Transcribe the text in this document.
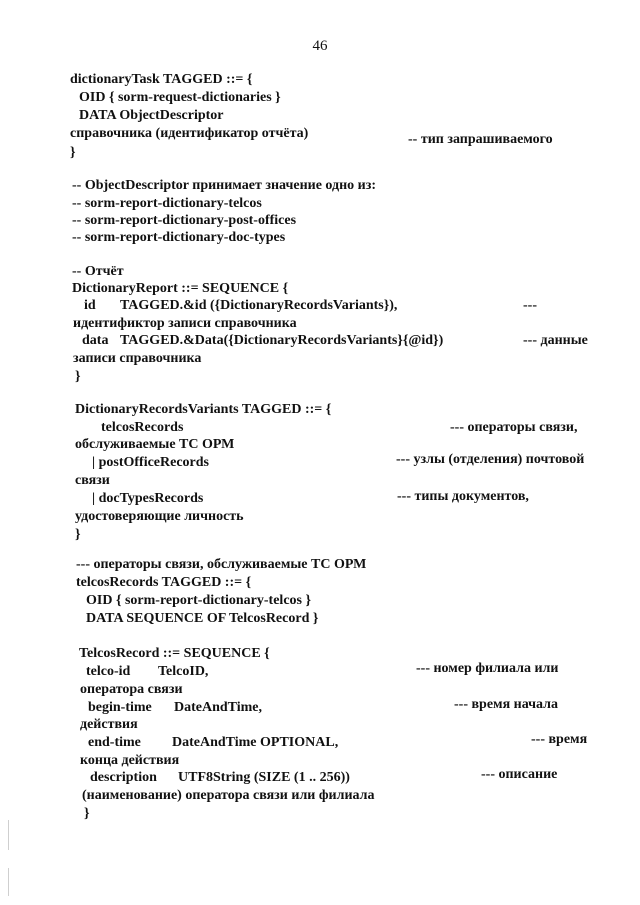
46
dictionaryTask TAGGED ::= {
OID { sorm-request-dictionaries }
DATA ObjectDescriptor
-- тип запрашиваемого
справочника (идентификатор отчёта)
}
-- ObjectDescriptor принимает значение одно из:
-- sorm-report-dictionary-telcos
-- sorm-report-dictionary-post-offices
-- sorm-report-dictionary-doc-types
-- Отчёт
DictionaryReport ::= SEQUENCE {
id TAGGED.&id ({DictionaryRecordsVariants}),	---
идентификтор записи справочника
data TAGGED.&Data({DictionaryRecordsVariants}{@id})	--- данные
записи справочника
}
DictionaryRecordsVariants TAGGED ::= {
telcosRecords	--- операторы связи,
обслуживаемые ТС ОРМ
| postOfficeRecords	--- узлы (отделения) почтовой
связи
| docTypesRecords	--- типы документов,
удостоверяющие личность
}
--- операторы связи, обслуживаемые ТС ОРМ
telcosRecords TAGGED ::= {
OID { sorm-report-dictionary-telcos }
DATA SEQUENCE OF TelcosRecord }
TelcosRecord ::= SEQUENCE {
telco-id TelcoID,	--- номер филиала или
оператора связи
begin-time DateAndTime,	--- время начала
действия
end-time DateAndTime OPTIONAL,	--- время
конца действия
description UTF8String (SIZE (1 .. 256))	--- описание
(наименование) оператора связи или филиала
}
